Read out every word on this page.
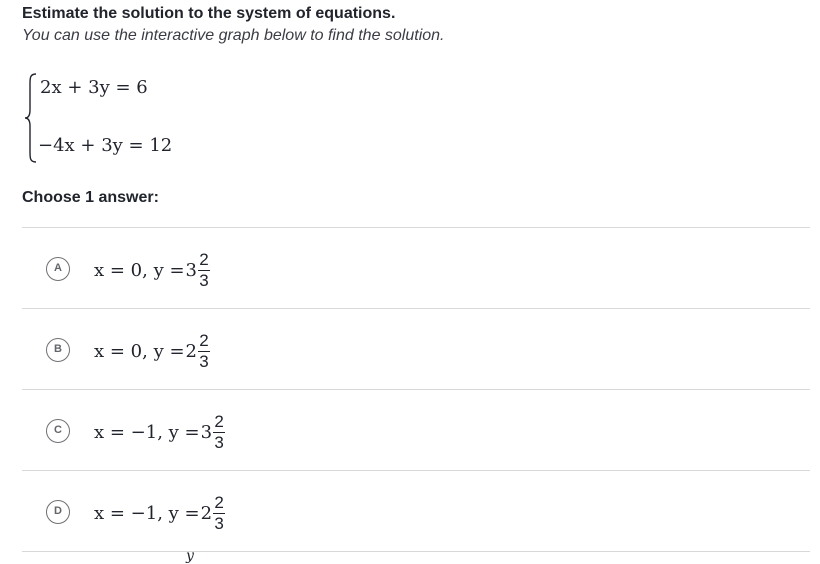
Estimate the solution to the system of equations.
You can use the interactive graph below to find the solution.
2x + 3y = 6
−4x + 3y = 12
Choose 1 answer:
A	x = 0, $y = 3 \frac{2}{3}$
B	x = 0, $y = 2 \frac{2}{3}$
C	x = −1, $y = 3 \frac{2}{3}$
D	x = −1, $y = 2 \frac{2}{3}$
y
